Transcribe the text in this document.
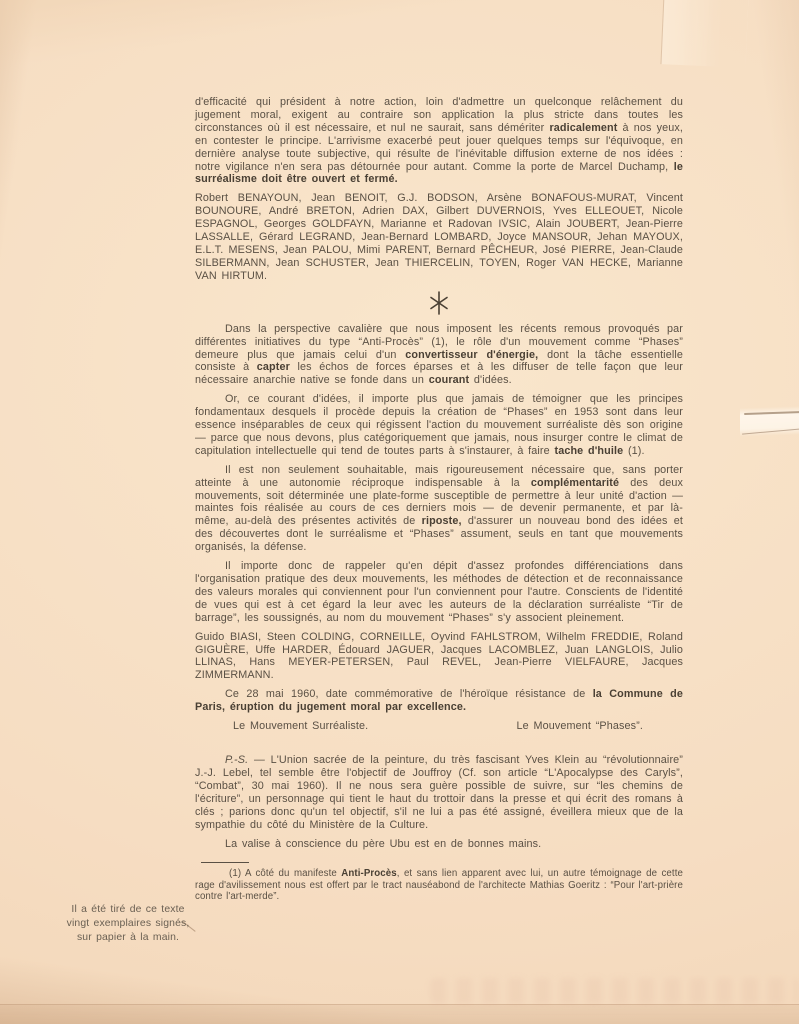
d'efficacité qui président à notre action, loin d'admettre un quelconque relâchement du jugement moral, exigent au contraire son application la plus stricte dans toutes les circonstances où il est nécessaire, et nul ne saurait, sans démériter radicalement à nos yeux, en contester le principe. L'arrivisme exacerbé peut jouer quelques temps sur l'équivoque, en dernière analyse toute subjective, qui résulte de l'inévitable diffusion externe de nos idées : notre vigilance n'en sera pas détournée pour autant. Comme la porte de Marcel Duchamp, le surréalisme doit être ouvert et fermé.

Robert BENAYOUN, Jean BENOIT, G.J. BODSON, Arsène BONAFOUS-MURAT, Vincent BOUNOURE, André BRETON, Adrien DAX, Gilbert DUVERNOIS, Yves ELLEOUET, Nicole ESPAGNOL, Georges GOLDFAYN, Marianne et Radovan IVSIC, Alain JOUBERT, Jean-Pierre LASSALLE, Gérard LEGRAND, Jean-Bernard LOMBARD, Joyce MANSOUR, Jehan MAYOUX, E.L.T. MESENS, Jean PALOU, Mimi PARENT, Bernard PÊCHEUR, José PIERRE, Jean-Claude SILBERMANN, Jean SCHUSTER, Jean THIERCELIN, TOYEN, Roger VAN HECKE, Marianne VAN HIRTUM.

Dans la perspective cavalière que nous imposent les récents remous provoqués par différentes initiatives du type “Anti-Procès” (1), le rôle d'un mouvement comme “Phases” demeure plus que jamais celui d'un convertisseur d'énergie, dont la tâche essentielle consiste à capter les échos de forces éparses et à les diffuser de telle façon que leur nécessaire anarchie native se fonde dans un courant d'idées.

Or, ce courant d'idées, il importe plus que jamais de témoigner que les principes fondamentaux desquels il procède depuis la création de “Phases” en 1953 sont dans leur essence inséparables de ceux qui régissent l'action du mouvement surréaliste dès son origine — parce que nous devons, plus catégoriquement que jamais, nous insurger contre le climat de capitulation intellectuelle qui tend de toutes parts à s'instaurer, à faire tache d'huile (1).

Il est non seulement souhaitable, mais rigoureusement nécessaire que, sans porter atteinte à une autonomie réciproque indispensable à la complémentarité des deux mouvements, soit déterminée une plate-forme susceptible de permettre à leur unité d'action — maintes fois réalisée au cours de ces derniers mois — de devenir permanente, et par là-même, au-delà des présentes activités de riposte, d'assurer un nouveau bond des idées et des découvertes dont le surréalisme et “Phases” assument, seuls en tant que mouvements organisés, la défense.

Il importe donc de rappeler qu'en dépit d'assez profondes différenciations dans l'organisation pratique des deux mouvements, les méthodes de détection et de reconnaissance des valeurs morales qui conviennent pour l'un conviennent pour l'autre. Conscients de l'identité de vues qui est à cet égard la leur avec les auteurs de la déclaration surréaliste “Tir de barrage”, les soussignés, au nom du mouvement “Phases” s'y associent pleinement.

Guido BIASI, Steen COLDING, CORNEILLE, Oyvind FAHLSTROM, Wilhelm FREDDIE, Roland GIGUÈRE, Uffe HARDER, Édouard JAGUER, Jacques LACOMBLEZ, Juan LANGLOIS, Julio LLINAS, Hans MEYER-PETERSEN, Paul REVEL, Jean-Pierre VIELFAURE, Jacques ZIMMERMANN.

Ce 28 mai 1960, date commémorative de l'héroïque résistance de la Commune de Paris, éruption du jugement moral par excellence.

Le Mouvement Surréaliste.	Le Mouvement “Phases”.

P.-S. — L'Union sacrée de la peinture, du très fascisant Yves Klein au “révolutionnaire” J.-J. Lebel, tel semble être l'objectif de Jouffroy (Cf. son article “L'Apocalypse des Caryls”, “Combat”, 30 mai 1960). Il ne nous sera guère possible de suivre, sur “les chemins de l'écriture”, un personnage qui tient le haut du trottoir dans la presse et qui écrit des romans à clés ; parions donc qu'un tel objectif, s'il ne lui a pas été assigné, éveillera mieux que de la sympathie du côté du Ministère de la Culture.

La valise à conscience du père Ubu est en de bonnes mains.

(1) A côté du manifeste Anti-Procès, et sans lien apparent avec lui, un autre témoignage de cette rage d'avilissement nous est offert par le tract nauséabond de l'architecte Mathias Goeritz : “Pour l'art-prière contre l'art-merde”.

Il a été tiré de ce texte
vingt exemplaires signés,
sur papier à la main.
